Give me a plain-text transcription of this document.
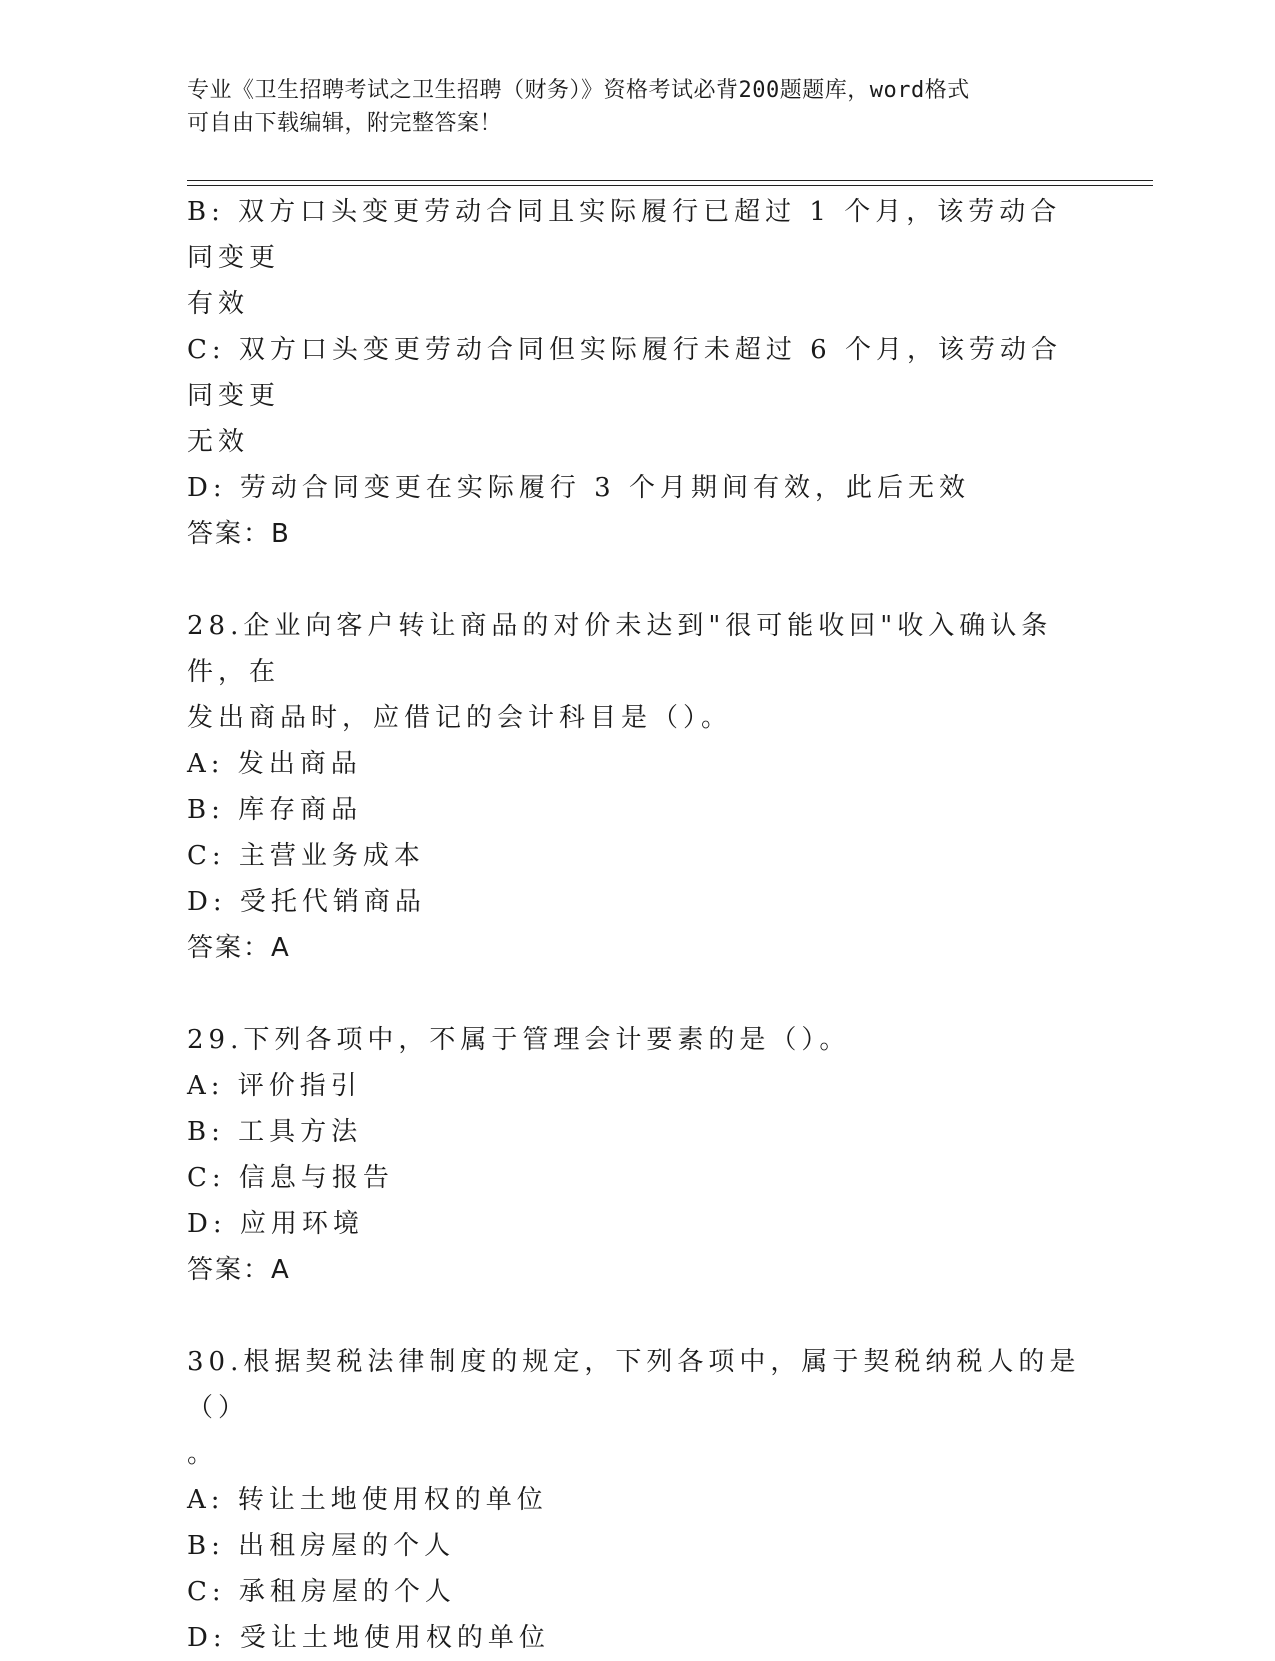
专业《卫生招聘考试之卫生招聘（财务）》资格考试必背200题题库，word格式
可自由下载编辑，附完整答案！
B: 双方口头变更劳动合同且实际履行已超过 1 个月，该劳动合同变更
有效
C: 双方口头变更劳动合同但实际履行未超过 6 个月，该劳动合同变更
无效
D: 劳动合同变更在实际履行 3 个月期间有效，此后无效
答案：B
28.企业向客户转让商品的对价未达到"很可能收回"收入确认条件，在
发出商品时，应借记的会计科目是（）。
A: 发出商品
B: 库存商品
C: 主营业务成本
D: 受托代销商品
答案：A
29.下列各项中，不属于管理会计要素的是（）。
A: 评价指引
B: 工具方法
C: 信息与报告
D: 应用环境
答案：A
30.根据契税法律制度的规定，下列各项中，属于契税纳税人的是（）
。
A: 转让土地使用权的单位
B: 出租房屋的个人
C: 承租房屋的个人
D: 受让土地使用权的单位
